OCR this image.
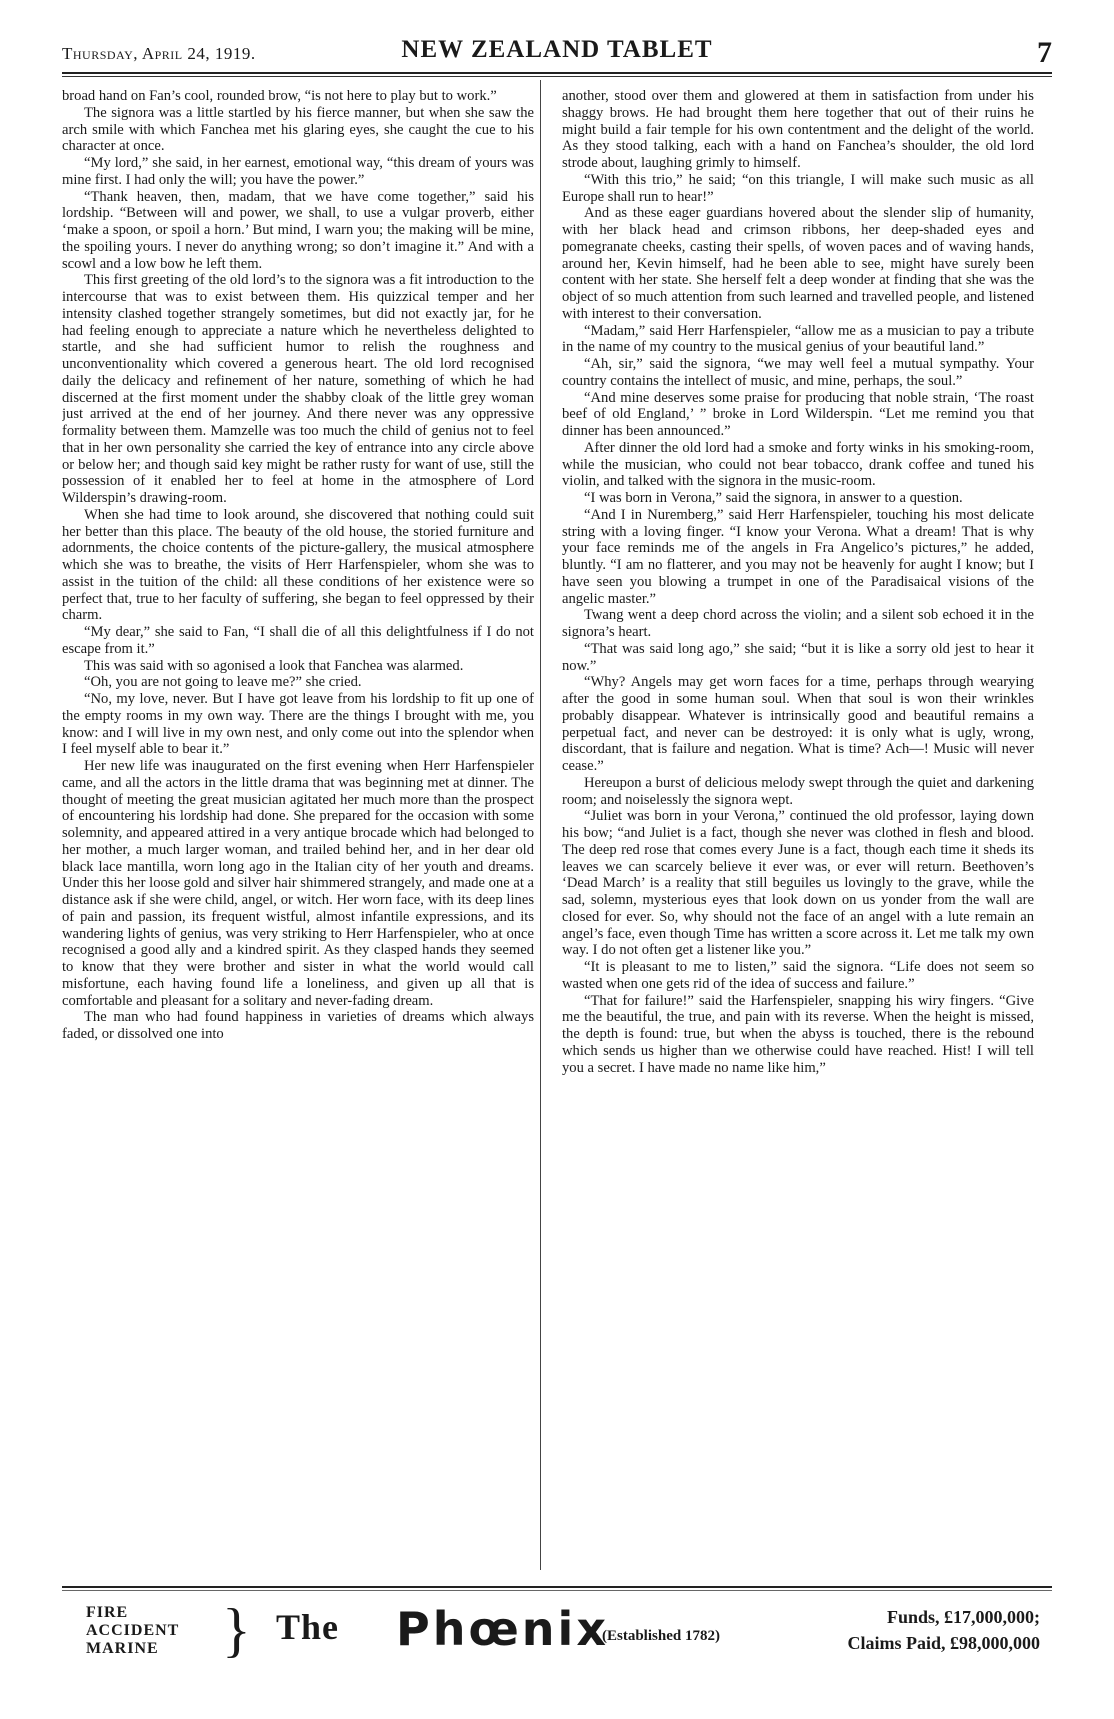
Thursday, April 24, 1919.	NEW ZEALAND TABLET	7

broad hand on Fan’s cool, rounded brow, “is not here to play but to work.”

The signora was a little startled by his fierce manner, but when she saw the arch smile with which Fanchea met his glaring eyes, she caught the cue to his character at once.

“My lord,” she said, in her earnest, emotional way, “this dream of yours was mine first. I had only the will; you have the power.”

“Thank heaven, then, madam, that we have come together,” said his lordship. “Between will and power, we shall, to use a vulgar proverb, either ‘make a spoon, or spoil a horn.’ But mind, I warn you; the making will be mine, the spoiling yours. I never do anything wrong; so don’t imagine it.” And with a scowl and a low bow he left them.

This first greeting of the old lord’s to the signora was a fit introduction to the intercourse that was to exist between them. His quizzical temper and her intensity clashed together strangely sometimes, but did not exactly jar, for he had feeling enough to appreciate a nature which he nevertheless delighted to startle, and she had sufficient humor to relish the roughness and unconventionality which covered a generous heart. The old lord recognised daily the delicacy and refinement of her nature, something of which he had discerned at the first moment under the shabby cloak of the little grey woman just arrived at the end of her journey. And there never was any oppressive formality between them. Mamzelle was too much the child of genius not to feel that in her own personality she carried the key of entrance into any circle above or below her; and though said key might be rather rusty for want of use, still the possession of it enabled her to feel at home in the atmosphere of Lord Wilderspin’s drawing-room.

When she had time to look around, she discovered that nothing could suit her better than this place. The beauty of the old house, the storied furniture and adornments, the choice contents of the picture-gallery, the musical atmosphere which she was to breathe, the visits of Herr Harfenspieler, whom she was to assist in the tuition of the child: all these conditions of her existence were so perfect that, true to her faculty of suffering, she began to feel oppressed by their charm.

“My dear,” she said to Fan, “I shall die of all this delightfulness if I do not escape from it.”

This was said with so agonised a look that Fanchea was alarmed.

“Oh, you are not going to leave me?” she cried.

“No, my love, never. But I have got leave from his lordship to fit up one of the empty rooms in my own way. There are the things I brought with me, you know: and I will live in my own nest, and only come out into the splendor when I feel myself able to bear it.”

Her new life was inaugurated on the first evening when Herr Harfenspieler came, and all the actors in the little drama that was beginning met at dinner. The thought of meeting the great musician agitated her much more than the prospect of encountering his lordship had done. She prepared for the occasion with some solemnity, and appeared attired in a very antique brocade which had belonged to her mother, a much larger woman, and trailed behind her, and in her dear old black lace mantilla, worn long ago in the Italian city of her youth and dreams. Under this her loose gold and silver hair shimmered strangely, and made one at a distance ask if she were child, angel, or witch. Her worn face, with its deep lines of pain and passion, its frequent wistful, almost infantile expressions, and its wandering lights of genius, was very striking to Herr Harfenspieler, who at once recognised a good ally and a kindred spirit. As they clasped hands they seemed to know that they were brother and sister in what the world would call misfortune, each having found life a loneliness, and given up all that is comfortable and pleasant for a solitary and never-fading dream.

The man who had found happiness in varieties of dreams which always faded, or dissolved one into

another, stood over them and glowered at them in satisfaction from under his shaggy brows. He had brought them here together that out of their ruins he might build a fair temple for his own contentment and the delight of the world. As they stood talking, each with a hand on Fanchea’s shoulder, the old lord strode about, laughing grimly to himself.

“With this trio,” he said; “on this triangle, I will make such music as all Europe shall run to hear!”

And as these eager guardians hovered about the slender slip of humanity, with her black head and crimson ribbons, her deep-shaded eyes and pomegranate cheeks, casting their spells, of woven paces and of waving hands, around her, Kevin himself, had he been able to see, might have surely been content with her state. She herself felt a deep wonder at finding that she was the object of so much attention from such learned and travelled people, and listened with interest to their conversation.

“Madam,” said Herr Harfenspieler, “allow me as a musician to pay a tribute in the name of my country to the musical genius of your beautiful land.”

“Ah, sir,” said the signora, “we may well feel a mutual sympathy. Your country contains the intellect of music, and mine, perhaps, the soul.”

“And mine deserves some praise for producing that noble strain, ‘The roast beef of old England,’ ” broke in Lord Wilderspin. “Let me remind you that dinner has been announced.”

After dinner the old lord had a smoke and forty winks in his smoking-room, while the musician, who could not bear tobacco, drank coffee and tuned his violin, and talked with the signora in the music-room.

“I was born in Verona,” said the signora, in answer to a question.

“And I in Nuremberg,” said Herr Harfenspieler, touching his most delicate string with a loving finger. “I know your Verona. What a dream! That is why your face reminds me of the angels in Fra Angelico’s pictures,” he added, bluntly. “I am no flatterer, and you may not be heavenly for aught I know; but I have seen you blowing a trumpet in one of the Paradisaical visions of the angelic master.”

Twang went a deep chord across the violin; and a silent sob echoed it in the signora’s heart.

“That was said long ago,” she said; “but it is like a sorry old jest to hear it now.”

“Why? Angels may get worn faces for a time, perhaps through wearying after the good in some human soul. When that soul is won their wrinkles probably disappear. Whatever is intrinsically good and beautiful remains a perpetual fact, and never can be destroyed: it is only what is ugly, wrong, discordant, that is failure and negation. What is time? Ach—! Music will never cease.”

Hereupon a burst of delicious melody swept through the quiet and darkening room; and noiselessly the signora wept.

“Juliet was born in your Verona,” continued the old professor, laying down his bow; “and Juliet is a fact, though she never was clothed in flesh and blood. The deep red rose that comes every June is a fact, though each time it sheds its leaves we can scarcely believe it ever was, or ever will return. Beethoven’s ‘Dead March’ is a reality that still beguiles us lovingly to the grave, while the sad, solemn, mysterious eyes that look down on us yonder from the wall are closed for ever. So, why should not the face of an angel with a lute remain an angel’s face, even though Time has written a score across it. Let me talk my own way. I do not often get a listener like you.”

“It is pleasant to me to listen,” said the signora. “Life does not seem so wasted when one gets rid of the idea of success and failure.”

“That for failure!” said the Harfenspieler, snapping his wiry fingers. “Give me the beautiful, the true, and pain with its reverse. When the height is missed, the depth is found: true, but when the abyss is touched, there is the rebound which sends us higher than we otherwise could have reached. Hist! I will tell you a secret. I have made no name like him,”

FIRE
ACCIDENT
MARINE	} The Phœnix
(Established 1782)
Funds, £17,000,000;
Claims Paid, £98,000,000
